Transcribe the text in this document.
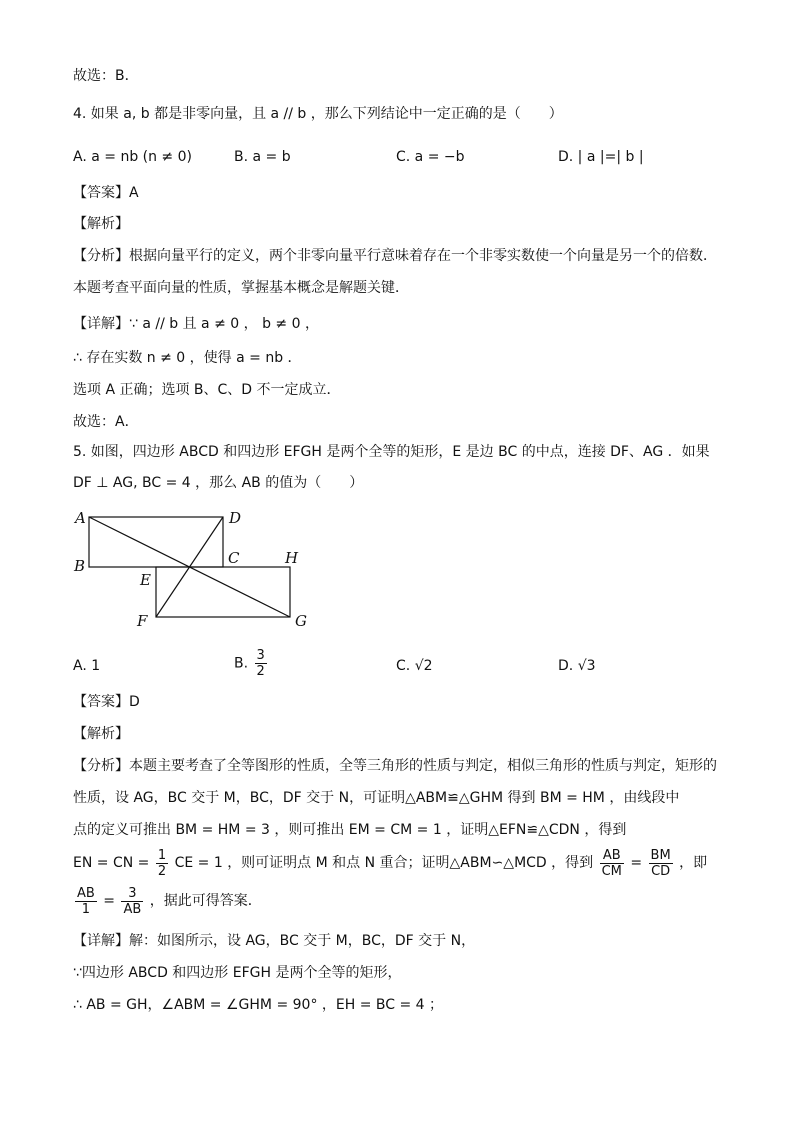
故选：B．
4. 如果 a, b 都是非零向量，且 a // b ，那么下列结论中一定正确的是（　　）
A. a = nb (n ≠ 0)	B. a = b	C. a = −b	D. | a |=| b |
【答案】A
【解析】
【分析】根据向量平行的定义，两个非零向量平行意味着存在一个非零实数使一个向量是另一个的倍数．
本题考查平面向量的性质，掌握基本概念是解题关键．
【详解】∵ a // b 且 a ≠ 0 ， b ≠ 0 ，
∴ 存在实数 n ≠ 0 ，使得 a = nb ．
选项 A 正确；选项 B、C、D 不一定成立．
故选：A．
5. 如图，四边形 ABCD 和四边形 EFGH 是两个全等的矩形，E 是边 BC 的中点，连接 DF、AG ．如果
DF ⊥ AG, BC = 4 ，那么 AB 的值为（　　）
A	D
B	C	H
E
F	G
A. 1	B. $\frac{3}{2}$	C. √2	D. √3
【答案】D
【解析】
【分析】本题主要考查了全等图形的性质，全等三角形的性质与判定，相似三角形的性质与判定，矩形的
性质，设 AG，BC 交于 M，BC，DF 交于 N，可证明△ABM≌△GHM 得到 BM = HM ，由线段中
点的定义可推出 BM = HM = 3 ，则可推出 EM = CM = 1 ，证明△EFN≌△CDN ，得到
EN = CN = $\frac{1}{2}$ CE = 1 ，则可证明点 M 和点 N 重合；证明△ABM∽△MCD ，得到 $\frac{AB}{CM} = \frac{BM}{CD}$ ，即
$\frac{AB}{1} = \frac{3}{AB}$ ，据此可得答案．
【详解】解：如图所示，设 AG，BC 交于 M，BC，DF 交于 N，
∵四边形 ABCD 和四边形 EFGH 是两个全等的矩形，
∴ AB = GH，∠ABM = ∠GHM = 90° ，EH = BC = 4 ；
